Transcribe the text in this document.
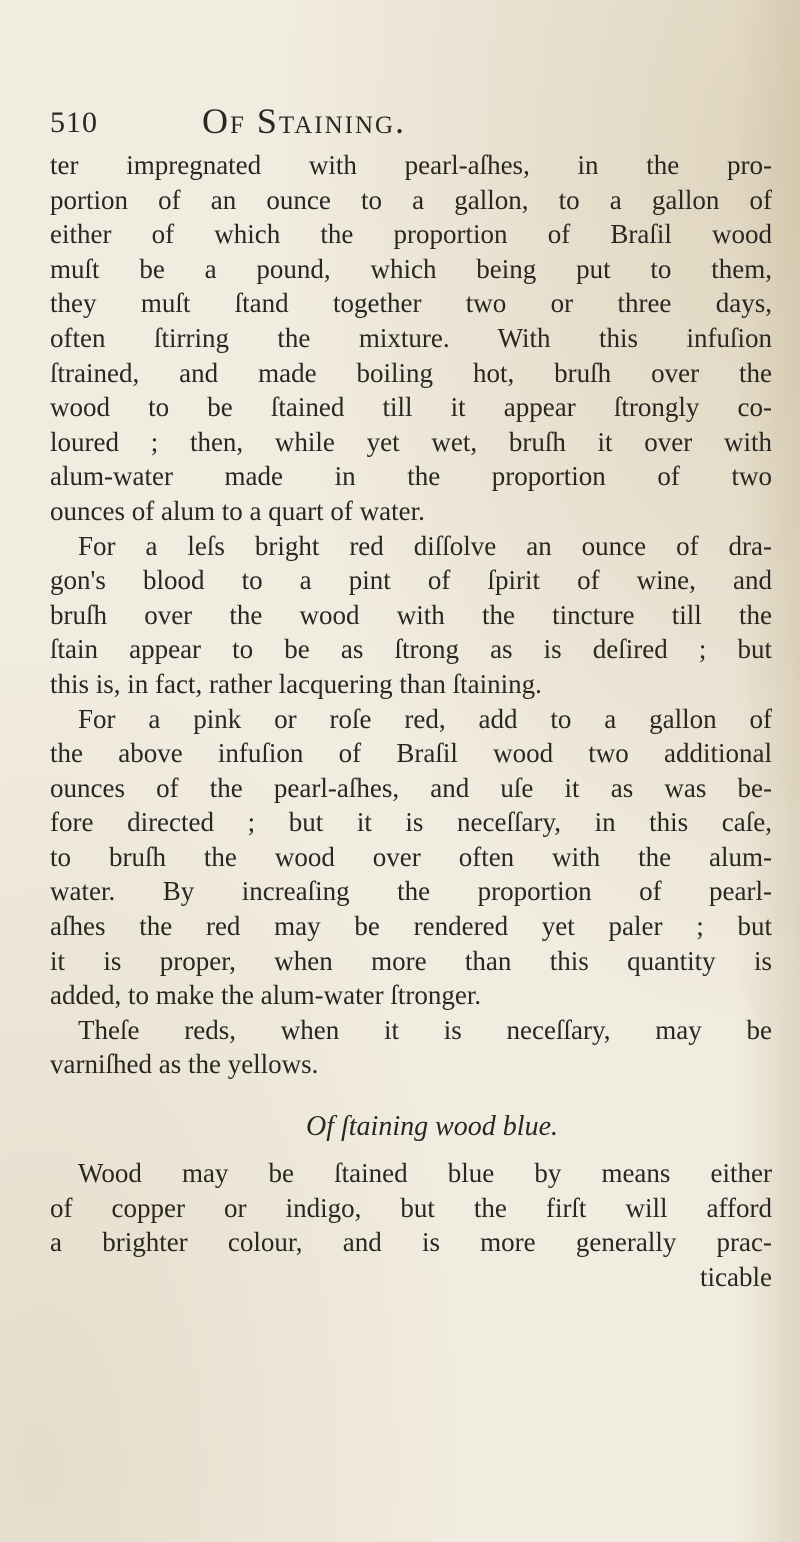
510	Of Staining.
ter impregnated with pearl-aſhes, in the pro-
portion of an ounce to a gallon, to a gallon of
either of which the proportion of Braſil wood
muſt be a pound, which being put to them,
they muſt ſtand together two or three days,
often ſtirring the mixture. With this infuſion
ſtrained, and made boiling hot, bruſh over the
wood to be ſtained till it appear ſtrongly co-
loured ; then, while yet wet, bruſh it over with
alum-water made in the proportion of two
ounces of alum to a quart of water.
For a leſs bright red diſſolve an ounce of dra-
gon's blood to a pint of ſpirit of wine, and
bruſh over the wood with the tincture till the
ſtain appear to be as ſtrong as is deſired ; but
this is, in fact, rather lacquering than ſtaining.
For a pink or roſe red, add to a gallon of
the above infuſion of Braſil wood two additional
ounces of the pearl-aſhes, and uſe it as was be-
fore directed ; but it is neceſſary, in this caſe,
to bruſh the wood over often with the alum-
water. By increaſing the proportion of pearl-
aſhes the red may be rendered yet paler ; but
it is proper, when more than this quantity is
added, to make the alum-water ſtronger.
Theſe reds, when it is neceſſary, may be
varniſhed as the yellows.
Of ſtaining wood blue.
Wood may be ſtained blue by means either
of copper or indigo, but the firſt will afford
a brighter colour, and is more generally prac-
ticable
